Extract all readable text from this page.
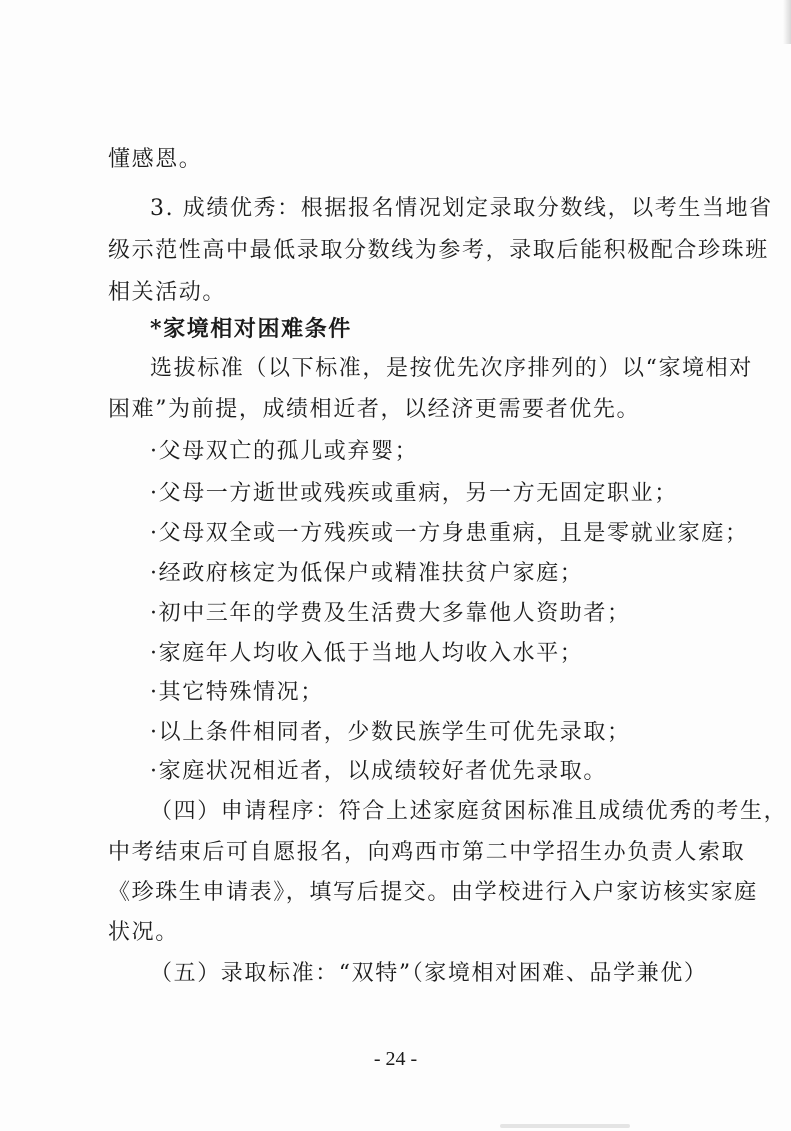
懂感恩。
3. 成绩优秀：根据报名情况划定录取分数线，以考生当地省
级示范性高中最低录取分数线为参考，录取后能积极配合珍珠班
相关活动。
*家境相对困难条件
选拔标准（以下标准，是按优先次序排列的）以“家境相对
困难”为前提，成绩相近者，以经济更需要者优先。
·父母双亡的孤儿或弃婴；
·父母一方逝世或残疾或重病，另一方无固定职业；
·父母双全或一方残疾或一方身患重病，且是零就业家庭；
·经政府核定为低保户或精准扶贫户家庭；
·初中三年的学费及生活费大多靠他人资助者；
·家庭年人均收入低于当地人均收入水平；
·其它特殊情况；
·以上条件相同者，少数民族学生可优先录取；
·家庭状况相近者，以成绩较好者优先录取。
（四）申请程序：符合上述家庭贫困标准且成绩优秀的考生，
中考结束后可自愿报名，向鸡西市第二中学招生办负责人索取
《珍珠生申请表》，填写后提交。由学校进行入户家访核实家庭
状况。
（五）录取标准：“双特”（家境相对困难、品学兼优）
- 24 -
